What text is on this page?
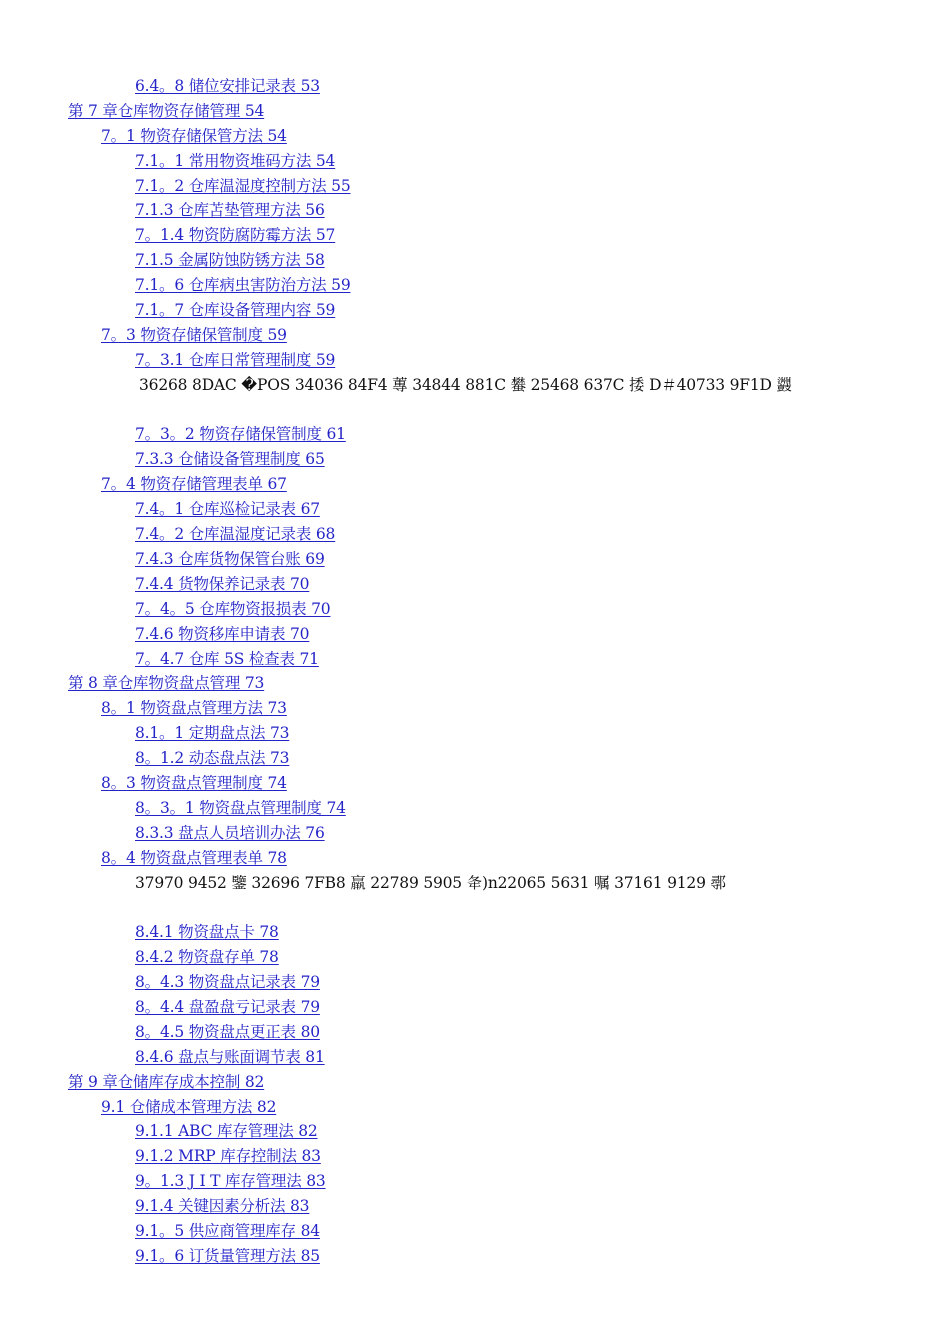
6.4。8 储位安排记录表 53
第 7 章仓库物资存储管理 54
7。1 物资存储保管方法 54
7.1。1 常用物资堆码方法 54
7.1。2 仓库温湿度控制方法 55
7.1.3 仓库苫垫管理方法 56
7。1.4 物资防腐防霉方法 57
7.1.5 金属防蚀防锈方法 58
7.1。6 仓库病虫害防治方法 59
7.1。7 仓库设备管理内容 59
7。3 物资存储保管制度 59
7。3.1 仓库日常管理制度 59
36268 8DAC �POS 34036 84F4 蓴 34844 881C 蠜 25468 637C 捼 D＃40733 9F1D 鼝
7。3。2 物资存储保管制度 61
7.3.3 仓储设备管理制度 65
7。4 物资存储管理表单 67
7.4。1 仓库巡检记录表 67
7.4。2 仓库温湿度记录表 68
7.4.3 仓库货物保管台账 69
7.4.4 货物保养记录表 70
7。4。5 仓库物资报损表 70
7.4.6 物资移库申请表 70
7。4.7 仓库 5S 检查表 71
第 8 章仓库物资盘点管理 73
8。1 物资盘点管理方法 73
8.1。1 定期盘点法 73
8。1.2 动态盘点法 73
8。3 物资盘点管理制度 74
8。3。1 物资盘点管理制度 74
8.3.3 盘点人员培训办法 76
8。4 物资盘点管理表单 78
37970 9452 鑒 32696 7FB8 羸 22789 5905 夅)n22065 5631 嘱 37161 9129 鄩
8.4.1 物资盘点卡 78
8.4.2 物资盘存单 78
8。4.3 物资盘点记录表 79
8。4.4 盘盈盘亏记录表 79
8。4.5 物资盘点更正表 80
8.4.6 盘点与账面调节表 81
第 9 章仓储库存成本控制 82
9.1 仓储成本管理方法 82
9.1.1 ABC 库存管理法 82
9.1.2 MRP 库存控制法 83
9。1.3 J I T 库存管理法 83
9.1.4 关键因素分析法 83
9.1。5 供应商管理库存 84
9.1。6 订货量管理方法 85
